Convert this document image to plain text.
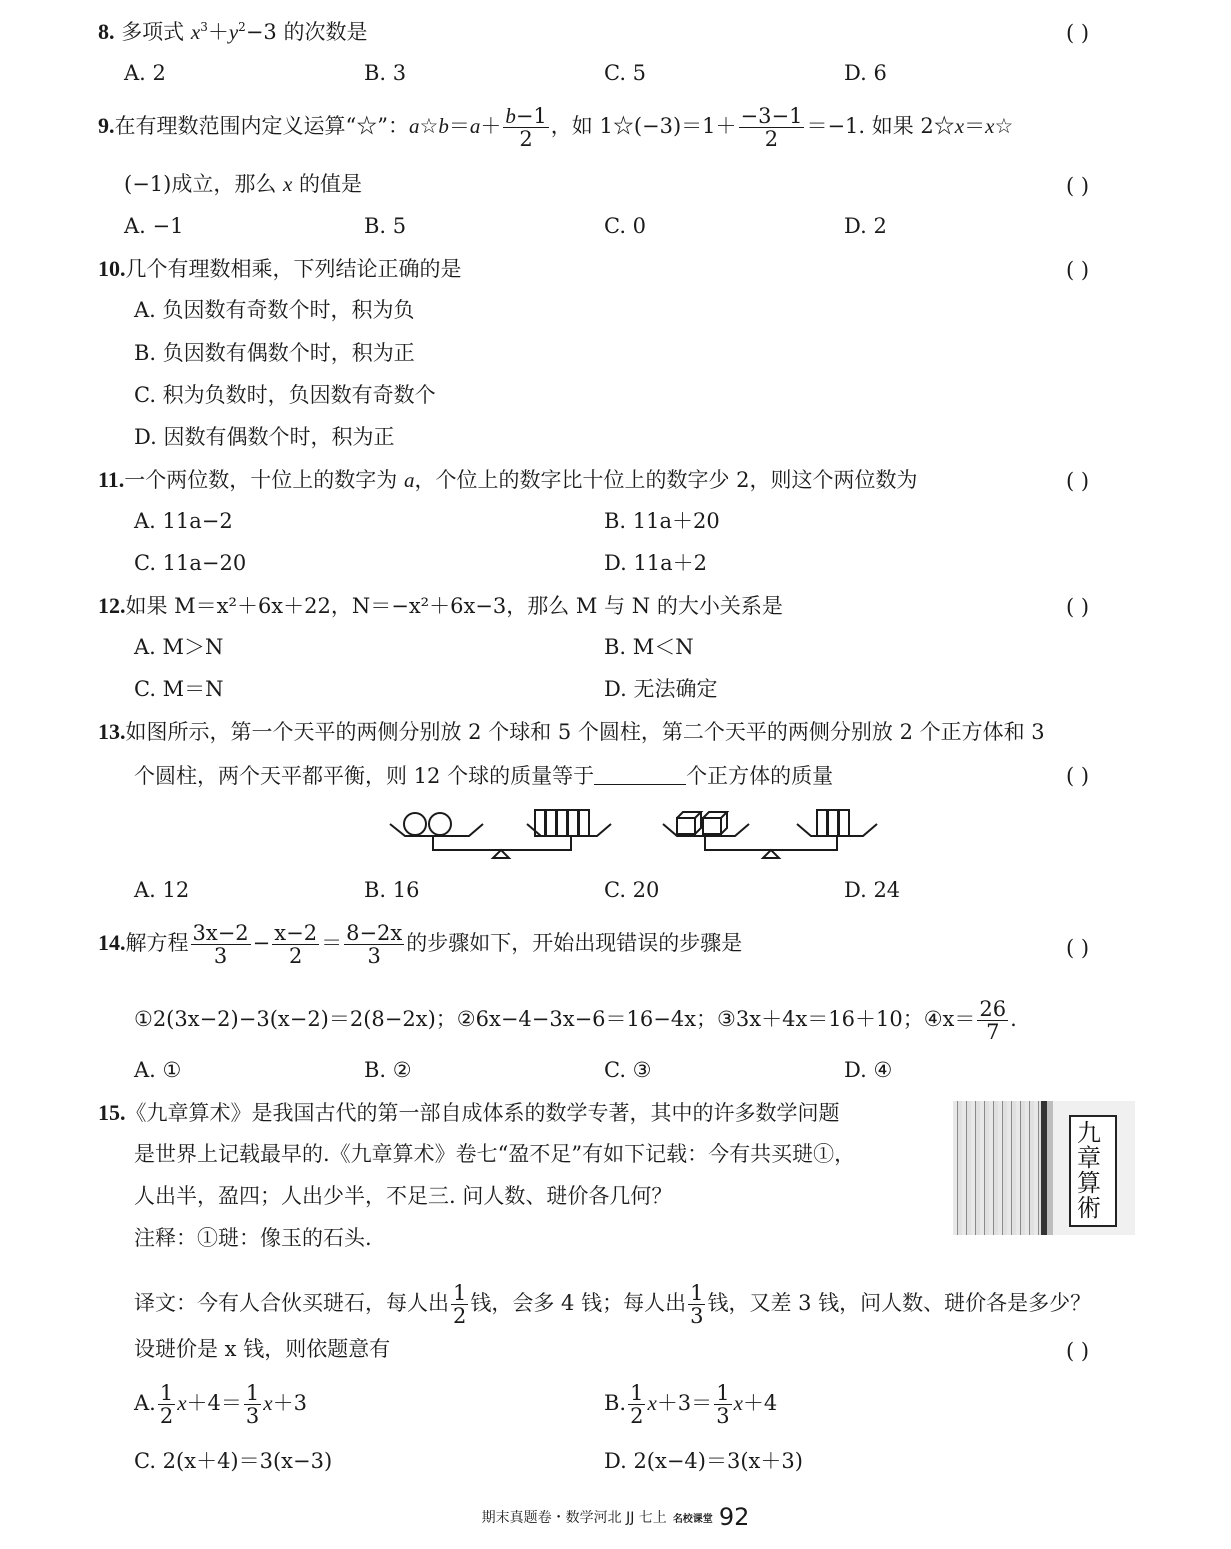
8. 多项式 $x^3+y^2-3$ 的次数是	( )
A. 2	B. 3	C. 5	D. 6
9.在有理数范围内定义运算“☆”：a☆b＝a＋ $\frac{b-1}{2}$ ，如 1☆(−3)＝1＋ $\frac{-3-1}{2} =-1$. 如果 2☆x＝x☆
(−1)成立，那么 x 的值是	( )
A. −1	B. 5	C. 0	D. 2
10.几个有理数相乘，下列结论正确的是	( )
A. 负因数有奇数个时，积为负
B. 负因数有偶数个时，积为正
C. 积为负数时，负因数有奇数个
D. 因数有偶数个时，积为正
11.一个两位数，十位上的数字为 a，个位上的数字比十位上的数字少 2，则这个两位数为	( )
A. 11a−2	B. 11a＋20
C. 11a−20	D. 11a＋2
12.如果 M＝x²＋6x＋22，N＝−x²＋6x−3，那么 M 与 N 的大小关系是	( )
A. M＞N	B. M＜N
C. M＝N	D. 无法确定
13.如图所示，第一个天平的两侧分别放 2 个球和 5 个圆柱，第二个天平的两侧分别放 2 个正方体和 3
个圆柱，两个天平都平衡，则 12 个球的质量等于	个正方体的质量	( )
A. 12	B. 16	C. 20	D. 24
14.解方程 $\frac{3x-2}{3} - \frac{x-2}{2} = \frac{8-2x}{3}$ 的步骤如下，开始出现错误的步骤是	( )
①2(3x−2)−3(x−2)＝2(8−2x)；②6x−4−3x−6＝16−4x；③3x＋4x＝16＋10；④x＝ $\frac{26}{7}$ .
A. ①	B. ②	C. ③	D. ④
15.《九章算术》是我国古代的第一部自成体系的数学专著，其中的许多数学问题
是世界上记载最早的.《九章算术》卷七“盈不足”有如下记载：今有共买琎①，
人出半，盈四；人出少半，不足三. 问人数、琎价各几何？
注释：①琎：像玉的石头.
九章算術
译文：今有人合伙买琎石，每人出 $\frac{1}{2}$ 钱，会多 4 钱；每人出 $\frac{1}{3}$ 钱，又差 3 钱，问人数、琎价各是多少？
设琎价是 x 钱，则依题意有	( )
A. $\frac{1}{2} x+4= \frac{1}{3} x+3$	B. $\frac{1}{2} x+3= \frac{1}{3} x+4$
C. 2(x＋4)＝3(x−3)	D. 2(x−4)＝3(x＋3)
期末真题卷・数学河北 JJ 七上 名校课堂 92
